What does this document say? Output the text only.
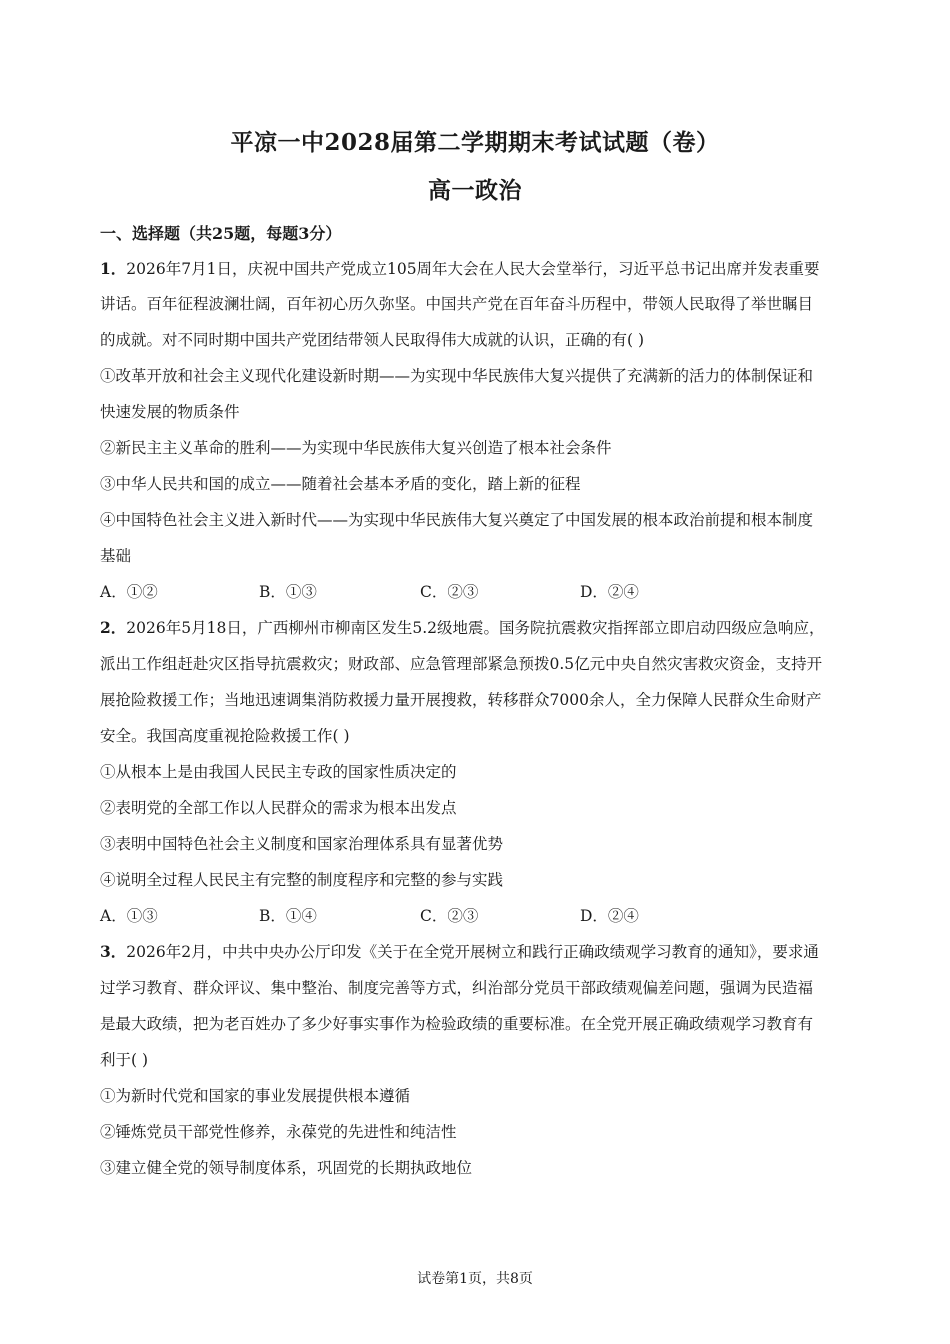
平凉一中2028届第二学期期末考试试题（卷）
高一政治
一、选择题（共25题，每题3分）
1．2026年7月1日，庆祝中国共产党成立105周年大会在人民大会堂举行，习近平总书记出席并发表重要
讲话。百年征程波澜壮阔，百年初心历久弥坚。中国共产党在百年奋斗历程中，带领人民取得了举世瞩目
的成就。对不同时期中国共产党团结带领人民取得伟大成就的认识，正确的有( )
①改革开放和社会主义现代化建设新时期——为实现中华民族伟大复兴提供了充满新的活力的体制保证和
快速发展的物质条件
②新民主主义革命的胜利——为实现中华民族伟大复兴创造了根本社会条件
③中华人民共和国的成立——随着社会基本矛盾的变化，踏上新的征程
④中国特色社会主义进入新时代——为实现中华民族伟大复兴奠定了中国发展的根本政治前提和根本制度
基础
A．①②	B．①③	C．②③	D．②④
2．2026年5月18日，广西柳州市柳南区发生5.2级地震。国务院抗震救灾指挥部立即启动四级应急响应，
派出工作组赶赴灾区指导抗震救灾；财政部、应急管理部紧急预拨0.5亿元中央自然灾害救灾资金，支持开
展抢险救援工作；当地迅速调集消防救援力量开展搜救，转移群众7000余人，全力保障人民群众生命财产
安全。我国高度重视抢险救援工作( )
①从根本上是由我国人民民主专政的国家性质决定的
②表明党的全部工作以人民群众的需求为根本出发点
③表明中国特色社会主义制度和国家治理体系具有显著优势
④说明全过程人民民主有完整的制度程序和完整的参与实践
A．①③	B．①④	C．②③	D．②④
3．2026年2月，中共中央办公厅印发《关于在全党开展树立和践行正确政绩观学习教育的通知》，要求通
过学习教育、群众评议、集中整治、制度完善等方式，纠治部分党员干部政绩观偏差问题，强调为民造福
是最大政绩，把为老百姓办了多少好事实事作为检验政绩的重要标准。在全党开展正确政绩观学习教育有
利于( )
①为新时代党和国家的事业发展提供根本遵循
②锤炼党员干部党性修养，永葆党的先进性和纯洁性
③建立健全党的领导制度体系，巩固党的长期执政地位
试卷第1页，共8页
